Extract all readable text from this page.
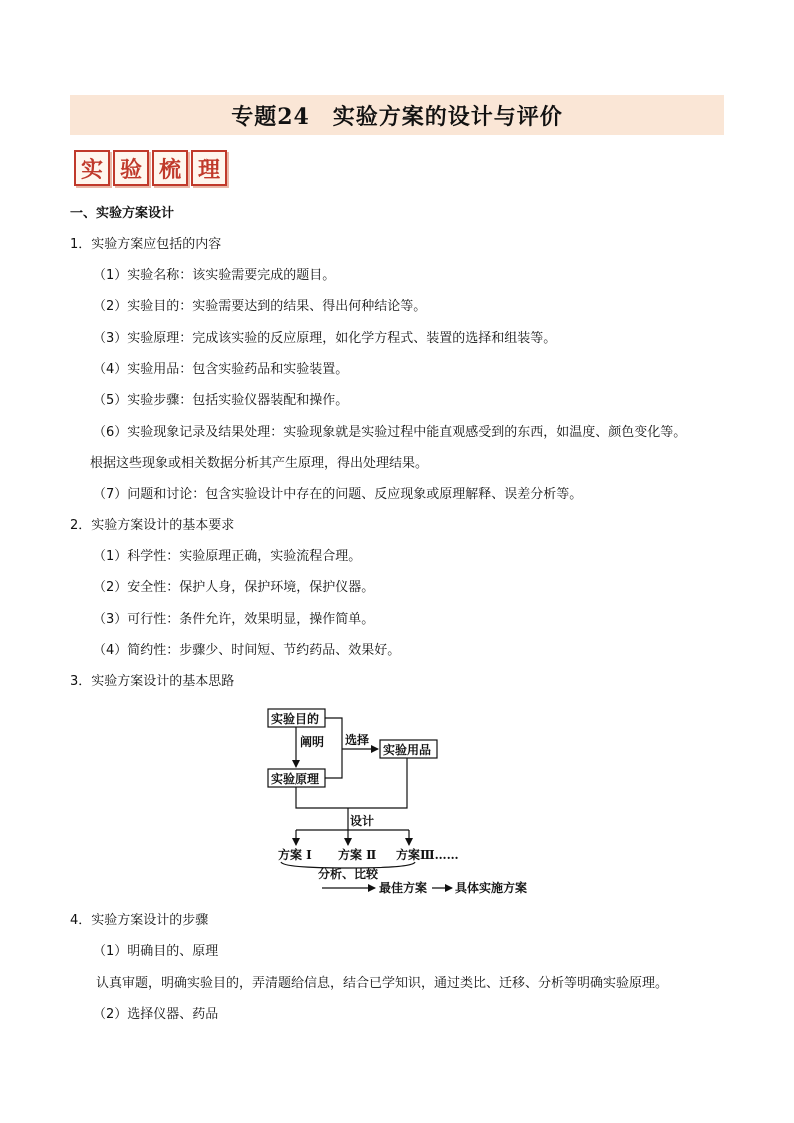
专题24　实验方案的设计与评价
实 验 梳 理
一、实验方案设计
1．实验方案应包括的内容
（1）实验名称：该实验需要完成的题目。
（2）实验目的：实验需要达到的结果、得出何种结论等。
（3）实验原理：完成该实验的反应原理，如化学方程式、装置的选择和组装等。
（4）实验用品：包含实验药品和实验装置。
（5）实验步骤：包括实验仪器装配和操作。
（6）实验现象记录及结果处理：实验现象就是实验过程中能直观感受到的东西，如温度、颜色变化等。
根据这些现象或相关数据分析其产生原理，得出处理结果。
（7）问题和讨论：包含实验设计中存在的问题、反应现象或原理解释、误差分析等。
2．实验方案设计的基本要求
（1）科学性：实验原理正确，实验流程合理。
（2）安全性：保护人身，保护环境，保护仪器。
（3）可行性：条件允许，效果明显，操作简单。
（4）简约性：步骤少、时间短、节约药品、效果好。
3．实验方案设计的基本思路
实验目的
实验原理
实验用品
阐明 选择
设计
方案 Ⅰ 方案 Ⅱ 方案Ⅲ……
分析、比较
最佳方案 具体实施方案
4．实验方案设计的步骤
（1）明确目的、原理
认真审题，明确实验目的，弄清题给信息，结合已学知识，通过类比、迁移、分析等明确实验原理。
（2）选择仪器、药品
